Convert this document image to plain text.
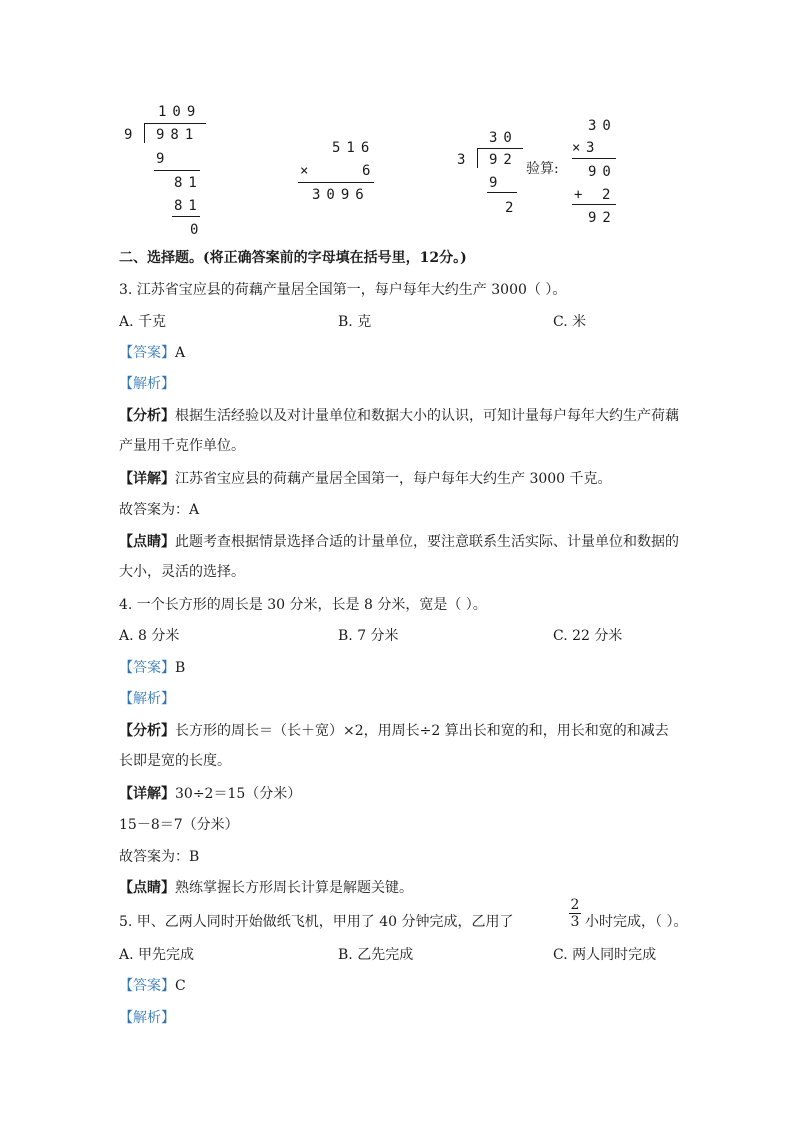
109
9 981
9
81
81
0
516
×	6
3096
30
3 92
9
2
验算:
30
× 3
90
+ 2
92
二、选择题。(将正确答案前的字母填在括号里，12分。)
3. 江苏省宝应县的荷藕产量居全国第一，每户每年大约生产 3000（ ）。
A. 千克	B. 克	C. 米
【答案】A
【解析】
【分析】根据生活经验以及对计量单位和数据大小的认识，可知计量每户每年大约生产荷藕
产量用千克作单位。
【详解】江苏省宝应县的荷藕产量居全国第一，每户每年大约生产 3000 千克。
故答案为：A
【点睛】此题考查根据情景选择合适的计量单位，要注意联系生活实际、计量单位和数据的
大小，灵活的选择。
4. 一个长方形的周长是 30 分米，长是 8 分米，宽是（ ）。
A. 8 分米	B. 7 分米	C. 22 分米
【答案】B
【解析】
【分析】长方形的周长＝（长＋宽）×2，用周长÷2 算出长和宽的和，用长和宽的和减去
长即是宽的长度。
【详解】30÷2＝15（分米）
15－8＝7（分米）
故答案为：B
【点睛】熟练掌握长方形周长计算是解题关键。
5. 甲、乙两人同时开始做纸飞机，甲用了 40 分钟完成，乙用了
2
3 小时完成，（ ）。
A. 甲先完成	B. 乙先完成	C. 两人同时完成
【答案】C
【解析】
